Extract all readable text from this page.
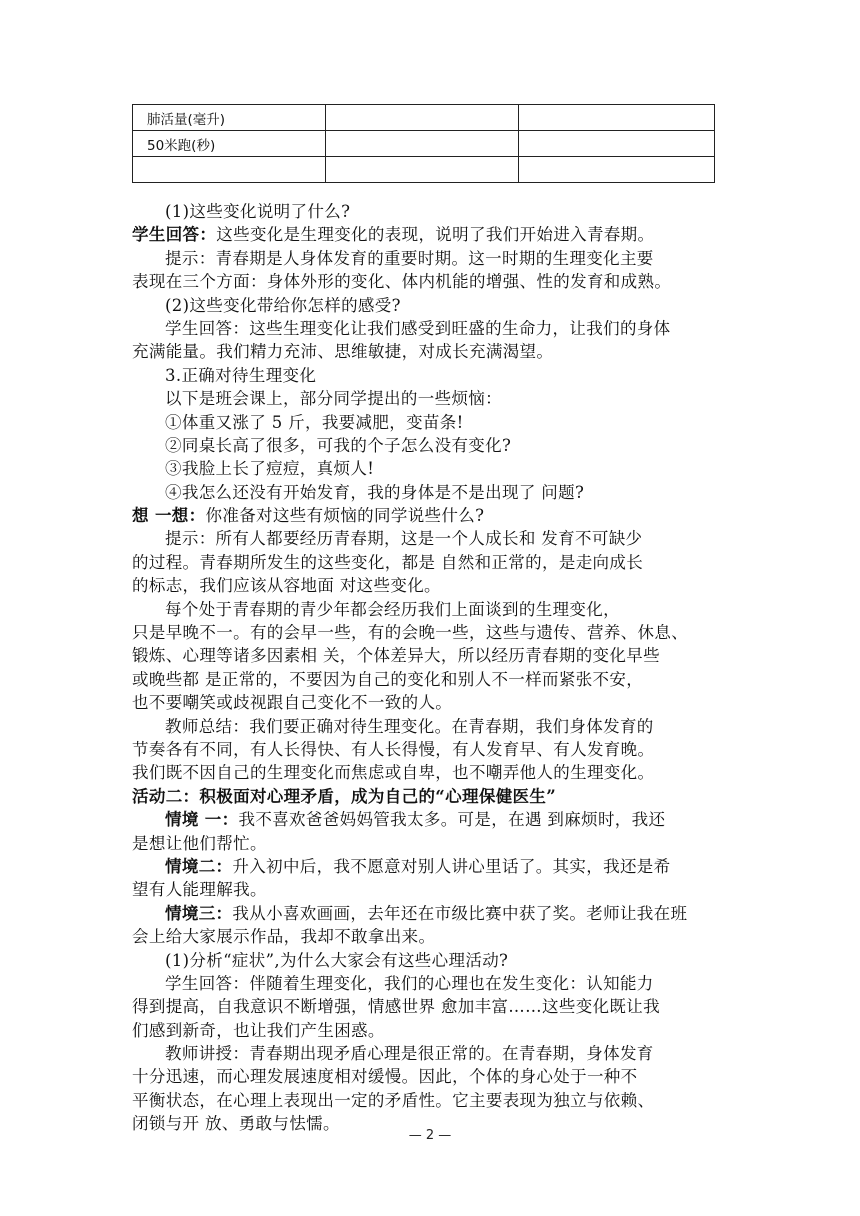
肺活量(毫升)		
50米跑(秒)		

(1)这些变化说明了什么?
学生回答：这些变化是生理变化的表现，说明了我们开始进入青春期。
提示：青春期是人身体发育的重要时期。这一时期的生理变化主要
表现在三个方面：身体外形的变化、体内机能的增强、性的发育和成熟。
(2)这些变化带给你怎样的感受?
学生回答：这些生理变化让我们感受到旺盛的生命力，让我们的身体
充满能量。我们精力充沛、思维敏捷，对成长充满渴望。
3.正确对待生理变化
以下是班会课上，部分同学提出的一些烦恼：
①体重又涨了 5 斤，我要减肥，变苗条!
②同桌长高了很多，可我的个子怎么没有变化?
③我脸上长了痘痘，真烦人!
④我怎么还没有开始发育，我的身体是不是出现了 问题?
想 一想：你准备对这些有烦恼的同学说些什么?
提示：所有人都要经历青春期，这是一个人成长和 发育不可缺少
的过程。青春期所发生的这些变化，都是 自然和正常的，是走向成长
的标志，我们应该从容地面 对这些变化。
每个处于青春期的青少年都会经历我们上面谈到的生理变化，
只是早晚不一。有的会早一些，有的会晚一些，这些与遗传、营养、休息、
锻炼、心理等诸多因素相 关，个体差异大，所以经历青春期的变化早些
或晚些都 是正常的，不要因为自己的变化和别人不一样而紧张不安，
也不要嘲笑或歧视跟自己变化不一致的人。
教师总结：我们要正确对待生理变化。在青春期，我们身体发育的
节奏各有不同，有人长得快、有人长得慢，有人发育早、有人发育晚。
我们既不因自己的生理变化而焦虑或自卑，也不嘲弄他人的生理变化。
活动二：积极面对心理矛盾，成为自己的“心理保健医生”
情境 一：我不喜欢爸爸妈妈管我太多。可是，在遇 到麻烦时，我还
是想让他们帮忙。
情境二：升入初中后，我不愿意对别人讲心里话了。其实，我还是希
望有人能理解我。
情境三：我从小喜欢画画，去年还在市级比赛中获了奖。老师让我在班
会上给大家展示作品，我却不敢拿出来。
(1)分析“症状”,为什么大家会有这些心理活动?
学生回答：伴随着生理变化，我们的心理也在发生变化：认知能力
得到提高，自我意识不断增强，情感世界 愈加丰富……这些变化既让我
们感到新奇，也让我们产生困惑。
教师讲授：青春期出现矛盾心理是很正常的。在青春期，身体发育
十分迅速，而心理发展速度相对缓慢。因此，个体的身心处于一种不
平衡状态，在心理上表现出一定的矛盾性。它主要表现为独立与依赖、
闭锁与开 放、勇敢与怯懦。
— 2 —
